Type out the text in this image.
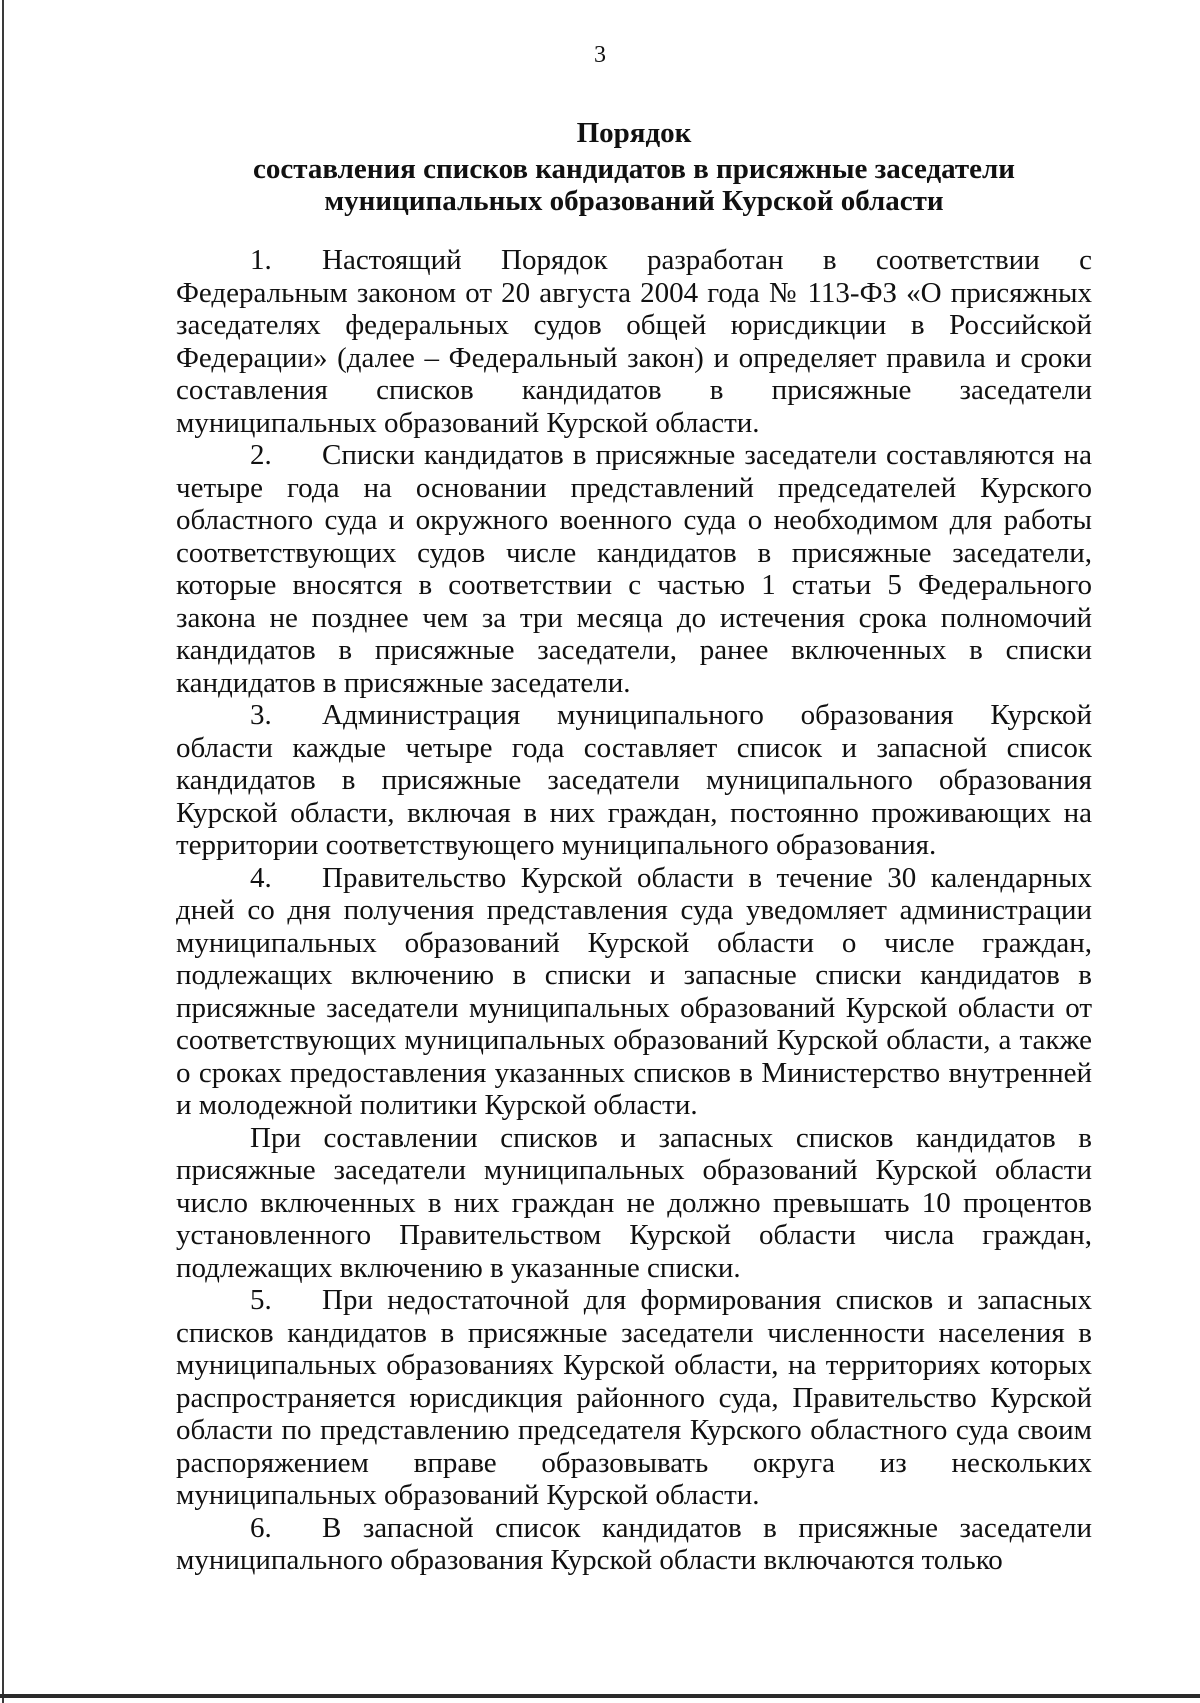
3
Порядок
составления списков кандидатов в присяжные заседатели
муниципальных образований Курской области

1. Настоящий Порядок разработан в соответствии с Федеральным законом от 20 августа 2004 года № 113-ФЗ «О присяжных заседателях федеральных судов общей юрисдикции в Российской Федерации» (далее – Федеральный закон) и определяет правила и сроки составления списков кандидатов в присяжные заседатели муниципальных образований Курской области.

2. Списки кандидатов в присяжные заседатели составляются на четыре года на основании представлений председателей Курского областного суда и окружного военного суда о необходимом для работы соответствующих судов числе кандидатов в присяжные заседатели, которые вносятся в соответствии с частью 1 статьи 5 Федерального закона не позднее чем за три месяца до истечения срока полномочий кандидатов в присяжные заседатели, ранее включенных в списки кандидатов в присяжные заседатели.

3. Администрация муниципального образования Курской области каждые четыре года составляет список и запасной список кандидатов в присяжные заседатели муниципального образования Курской области, включая в них граждан, постоянно проживающих на территории соответствующего муниципального образования.

4. Правительство Курской области в течение 30 календарных дней со дня получения представления суда уведомляет администрации муниципальных образований Курской области о числе граждан, подлежащих включению в списки и запасные списки кандидатов в присяжные заседатели муниципальных образований Курской области от соответствующих муниципальных образований Курской области, а также о сроках предоставления указанных списков в Министерство внутренней и молодежной политики Курской области.

При составлении списков и запасных списков кандидатов в присяжные заседатели муниципальных образований Курской области число включенных в них граждан не должно превышать 10 процентов установленного Правительством Курской области числа граждан, подлежащих включению в указанные списки.

5. При недостаточной для формирования списков и запасных списков кандидатов в присяжные заседатели численности населения в муниципальных образованиях Курской области, на территориях которых распространяется юрисдикция районного суда, Правительство Курской области по представлению председателя Курского областного суда своим распоряжением вправе образовывать округа из нескольких муниципальных образований Курской области.

6. В запасной список кандидатов в присяжные заседатели муниципального образования Курской области включаются только
